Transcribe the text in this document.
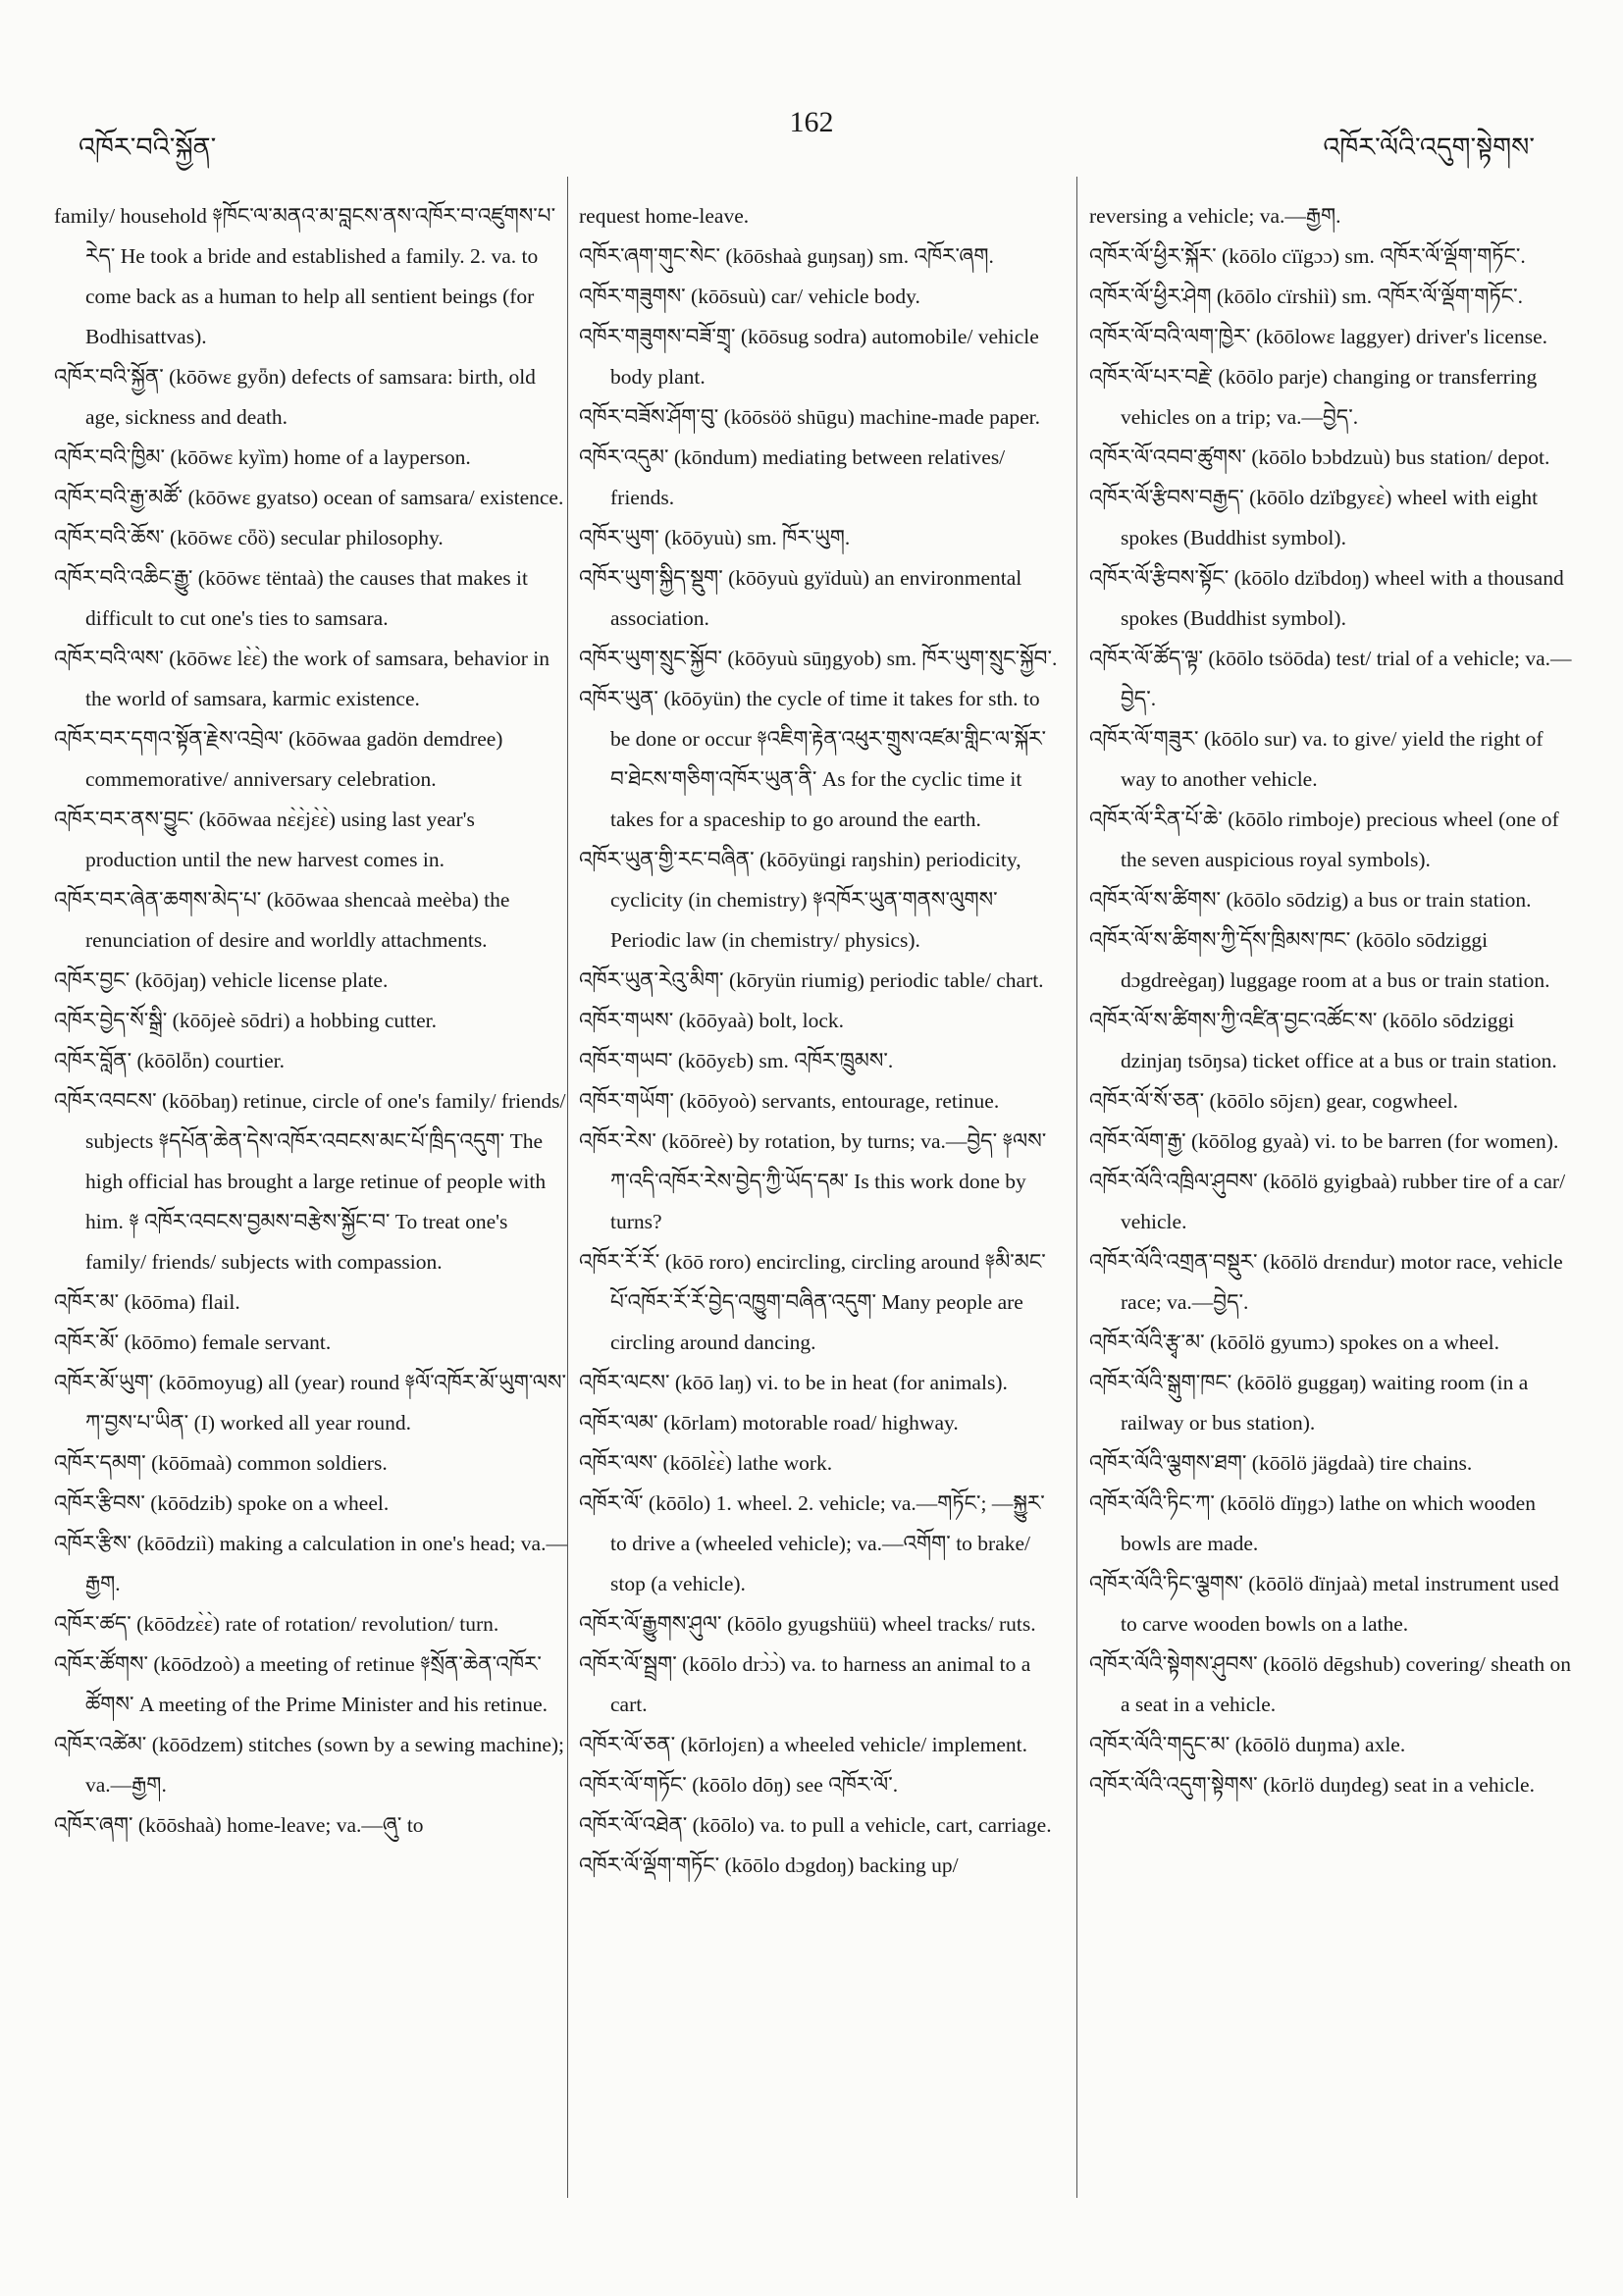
འཁོར་བའི་སྐྱོན་
162
འཁོར་ལོའི་འདུག་སྟེགས་

family/ household ༈ཁོང་ལ་མནའ་མ་བླངས་ནས་འཁོར་བ་འཛུགས་པ་རེད་ He took a bride and established a family. 2. va. to come back as a human to help all sentient beings (for Bodhisattvas).

འཁོར་བའི་སྐྱོན་ (kōōwɛ gyȫn) defects of samsara: birth, old age, sickness and death.

འཁོར་བའི་ཁྱིམ་ (kōōwɛ kyȉm) home of a layperson.

འཁོར་བའི་རྒྱ་མཚོ་ (kōōwɛ gyatso) ocean of samsara/ existence.

འཁོར་བའི་ཆོས་ (kōōwɛ cȫȍ) secular philosophy.

འཁོར་བའི་འཆིང་རྒྱུ་ (kōōwɛ tëntaà) the causes that makes it difficult to cut one's ties to samsara.

འཁོར་བའི་ལས་ (kōōwɛ lɛ̀ɛ̀) the work of samsara, behavior in the world of samsara, karmic existence.

འཁོར་བར་དགའ་སྟོན་རྗེས་འབྲེལ་ (kōōwaa gadön demdree) commemorative/ anniversary celebration.

འཁོར་བར་ནས་བྱུང་ (kōōwaa nɛ̀ɛ̀jɛ̀ɛ̀) using last year's production until the new harvest comes in.

འཁོར་བར་ཞེན་ཆགས་མེད་པ་ (kōōwaa shencaà meèba) the renunciation of desire and worldly attachments.

འཁོར་བྱང་ (kōōjaŋ) vehicle license plate.

འཁོར་བྱེད་སོ་སྒྲི་ (kōōjeè sōdri) a hobbing cutter.

འཁོར་བློན་ (kōōlȫn) courtier.

འཁོར་འབངས་ (kōōbaŋ) retinue, circle of one's family/ friends/ subjects ༈དཔོན་ཆེན་དེས་འཁོར་འབངས་མང་པོ་ཁྲིད་འདུག་ The high official has brought a large retinue of people with him. ༈ འཁོར་འབངས་བྱམས་བརྩེས་སྐྱོང་བ་ To treat one's family/ friends/ subjects with compassion.

འཁོར་མ་ (kōōma) flail.

འཁོར་མོ་ (kōōmo) female servant.

འཁོར་མོ་ཡུག་ (kōōmoyug) all (year) round ༈ལོ་འཁོར་མོ་ཡུག་ལས་ཀ་བྱས་པ་ཡིན་ (I) worked all year round.

འཁོར་དམག་ (kōōmaà) common soldiers.

འཁོར་རྩིབས་ (kōōdzib) spoke on a wheel.

འཁོར་རྩིས་ (kōōdziì) making a calculation in one's head; va.—རྒྱག.

འཁོར་ཚད་ (kōōdzɛ̀ɛ̀) rate of rotation/ revolution/ turn.

འཁོར་ཚོགས་ (kōōdzoò) a meeting of retinue ༈སྲོན་ཆེན་འཁོར་ཚོགས་ A meeting of the Prime Minister and his retinue.

འཁོར་འཚེམ་ (kōōdzem) stitches (sown by a sewing machine); va.—རྒྱག.

འཁོར་ཞག་ (kōōshaà) home-leave; va.—ཞུ་ to

request home-leave.

འཁོར་ཞག་གུང་སེང་ (kōōshaà guŋsaŋ) sm. འཁོར་ཞག.

འཁོར་གཟུགས་ (kōōsuù) car/ vehicle body.

འཁོར་གཟུགས་བཟོ་གྲྭ་ (kōōsug sodra) automobile/ vehicle body plant.

འཁོར་བཟོས་ཤོག་བུ་ (kōōsöö shūgu) machine-made paper.

འཁོར་འདུམ་ (kōndum) mediating between relatives/ friends.

འཁོར་ཡུག་ (kōōyuù) sm. ཁོར་ཡུག.

འཁོར་ཡུག་སྐྱིད་སྡུག་ (kōōyuù gyïduù) an environmental association.

འཁོར་ཡུག་སྲུང་སྐྱོབ་ (kōōyuù sūŋgyob) sm. ཁོར་ཡུག་སྲུང་སྐྱོབ་.

འཁོར་ཡུན་ (kōōyün) the cycle of time it takes for sth. to be done or occur ༈འཇིག་རྟེན་འཕུར་གྲུས་འཛམ་གླིང་ལ་སྐོར་བ་ཐེངས་གཅིག་འཁོར་ཡུན་ནི་ As for the cyclic time it takes for a spaceship to go around the earth.

འཁོར་ཡུན་གྱི་རང་བཞིན་ (kōōyüngi raŋshin) periodicity, cyclicity (in chemistry) ༈འཁོར་ཡུན་གནས་ལུགས་ Periodic law (in chemistry/ physics).

འཁོར་ཡུན་རེའུ་མིག་ (kōryün riumig) periodic table/ chart.

འཁོར་གཡས་ (kōōyaà) bolt, lock.

འཁོར་གཡབ་ (kōōyɛb) sm. འཁོར་ཁྲུམས་.

འཁོར་གཡོག་ (kōōyoò) servants, entourage, retinue.

འཁོར་རེས་ (kōōreè) by rotation, by turns; va.—བྱེད་ ༈ལས་ཀ་འདི་འཁོར་རེས་བྱེད་ཀྱི་ཡོད་དམ་ Is this work done by turns?

འཁོར་རོ་རོ་ (kōō roro) encircling, circling around ༈མི་མང་པོ་འཁོར་རོ་རོ་བྱེད་འཁྱུག་བཞིན་འདུག་ Many people are circling around dancing.

འཁོར་ལངས་ (kōō laŋ) vi. to be in heat (for animals).

འཁོར་ལམ་ (kōrlam) motorable road/ highway.

འཁོར་ལས་ (kōōlɛ̀ɛ̀) lathe work.

འཁོར་ལོ་ (kōōlo) 1. wheel. 2. vehicle; va.—གཏོང་; —སྐྱུར་ to drive a (wheeled vehicle); va.—འགོག་ to brake/ stop (a vehicle).

འཁོར་ལོ་རྒྱུགས་ཤུལ་ (kōōlo gyugshüü) wheel tracks/ ruts.

འཁོར་ལོ་སྦྲག་ (kōōlo drɔ̀ɔ̀) va. to harness an animal to a cart.

འཁོར་ལོ་ཅན་ (kōrlojɛn) a wheeled vehicle/ implement.

འཁོར་ལོ་གཏོང་ (kōōlo dōŋ) see འཁོར་ལོ་.

འཁོར་ལོ་འཐེན་ (kōōlo) va. to pull a vehicle, cart, carriage.

འཁོར་ལོ་ལྡོག་གཏོང་ (kōōlo dɔgdoŋ) backing up/

reversing a vehicle; va.—རྒྱག.

འཁོར་ལོ་ཕྱིར་སྐོར་ (kōōlo cïïgɔɔ) sm. འཁོར་ལོ་ལྡོག་གཏོང་.

འཁོར་ལོ་ཕྱིར་ཤེག (kōōlo cïrshiì) sm. འཁོར་ལོ་ལྡོག་གཏོང་.

འཁོར་ལོ་བའི་ལག་ཁྱེར་ (kōōlowɛ laggyer) driver's license.

འཁོར་ལོ་པར་བརྗེ་ (kōōlo parje) changing or transferring vehicles on a trip; va.—བྱེད་.

འཁོར་ལོ་འབབ་ཚུགས་ (kōōlo bɔbdzuù) bus station/ depot.

འཁོར་ལོ་རྩིབས་བརྒྱད་ (kōōlo dzïbgyɛɛ̀) wheel with eight spokes (Buddhist symbol).

འཁོར་ལོ་རྩིབས་སྟོང་ (kōōlo dzïbdoŋ) wheel with a thousand spokes (Buddhist symbol).

འཁོར་ལོ་ཚོད་ལྟ་ (kōōlo tsöōda) test/ trial of a vehicle; va.—བྱེད་.

འཁོར་ལོ་གཟུར་ (kōōlo sur) va. to give/ yield the right of way to another vehicle.

འཁོར་ལོ་རིན་པོ་ཆེ་ (kōōlo rimboje) precious wheel (one of the seven auspicious royal symbols).

འཁོར་ལོ་ས་ཚིགས་ (kōōlo sōdzig) a bus or train station.

འཁོར་ལོ་ས་ཚིགས་ཀྱི་དོས་ཁྲིམས་ཁང་ (kōōlo sōdziggi dɔgdreègaŋ) luggage room at a bus or train station.

འཁོར་ལོ་ས་ཚིགས་ཀྱི་འཛིན་བྱང་འཚོང་ས་ (kōōlo sōdziggi dzinjaŋ tsōŋsa) ticket office at a bus or train station.

འཁོར་ལོ་སོ་ཅན་ (kōōlo sōjɛn) gear, cogwheel.

འཁོར་ལོག་རྒྱ་ (kōōlog gyaà) vi. to be barren (for women).

འཁོར་ལོའི་འཁྲིལ་ཤུབས་ (kōōlö gyigbaà) rubber tire of a car/ vehicle.

འཁོར་ལོའི་འགྲན་བསྡུར་ (kōōlö drɛndur) motor race, vehicle race; va.—བྱེད་.

འཁོར་ལོའི་རྩྭ་མ་ (kōōlö gyumɔ) spokes on a wheel.

འཁོར་ལོའི་སྒུག་ཁང་ (kōōlö guggaŋ) waiting room (in a railway or bus station).

འཁོར་ལོའི་ལྕགས་ཐག་ (kōōlö jägdaà) tire chains.

འཁོར་ལོའི་ཏིང་ཀ་ (kōōlö dïŋgɔ) lathe on which wooden bowls are made.

འཁོར་ལོའི་ཏིང་ལྕགས་ (kōōlö dïnjaà) metal instrument used to carve wooden bowls on a lathe.

འཁོར་ལོའི་སྟེགས་ཤུབས་ (kōōlö dēgshub) covering/ sheath on a seat in a vehicle.

འཁོར་ལོའི་གདུང་མ་ (kōōlö duŋma) axle.

འཁོར་ལོའི་འདུག་སྟེགས་ (kōrlö duŋdeg) seat in a vehicle.
